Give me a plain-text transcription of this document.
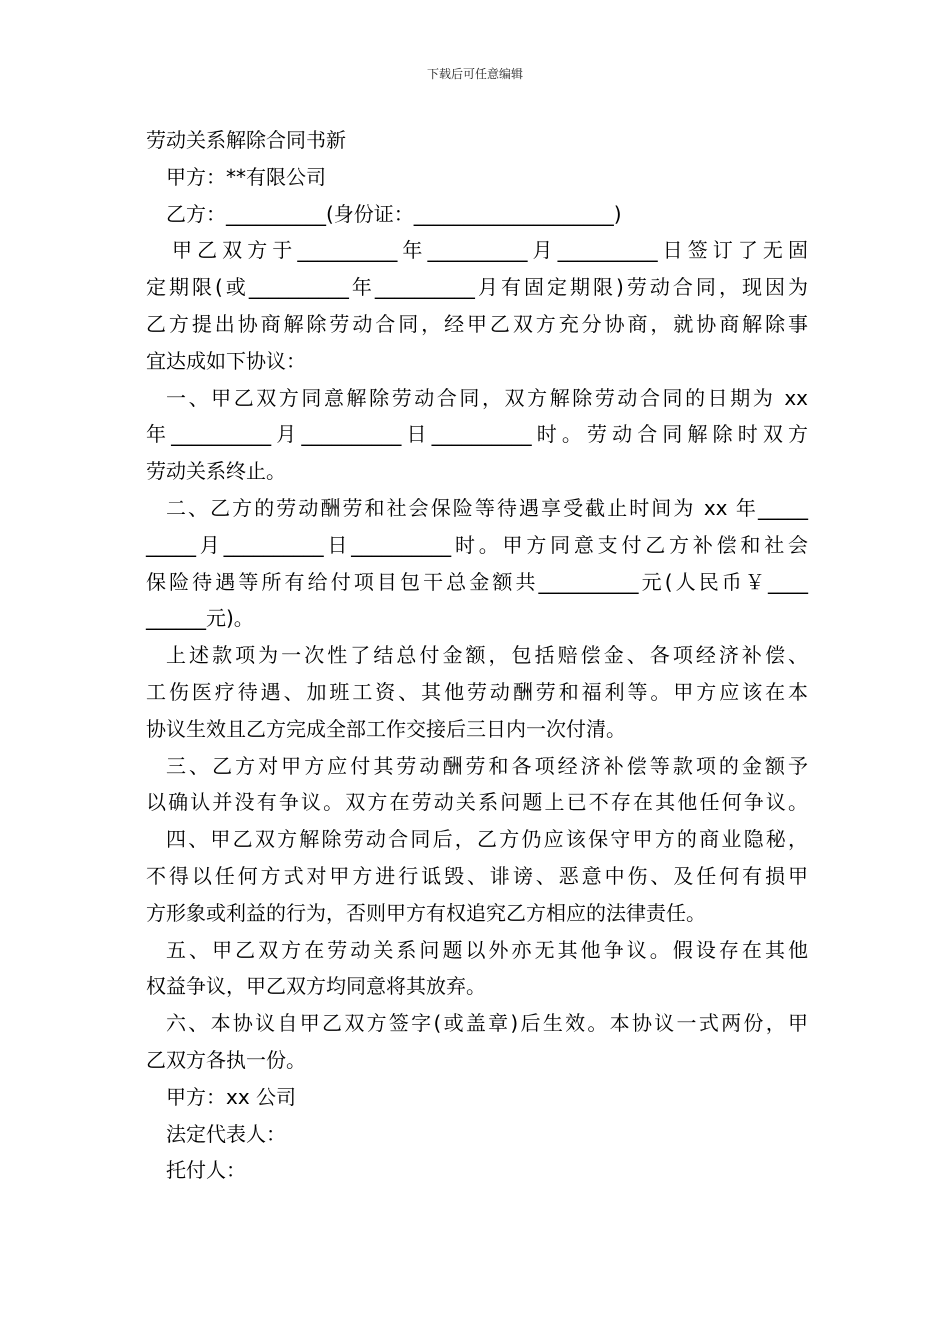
下载后可任意编辑
劳动关系解除合同书新
甲方：**有限公司
乙方：__________(身份证：____________________)
甲乙双方于__________年__________月__________日签订了无固
定期限(或__________年__________月有固定期限)劳动合同，现因为
乙方提出协商解除劳动合同，经甲乙双方充分协商，就协商解除事
宜达成如下协议：
一、甲乙双方同意解除劳动合同，双方解除劳动合同的日期为 xx
年__________月__________日__________时。劳动合同解除时双方
劳动关系终止。
二、乙方的劳动酬劳和社会保险等待遇享受截止时间为 xx 年_____
_____月__________日__________时。甲方同意支付乙方补偿和社会
保险待遇等所有给付项目包干总金额共__________元(人民币￥____
______元)。
上述款项为一次性了结总付金额，包括赔偿金、各项经济补偿、
工伤医疗待遇、加班工资、其他劳动酬劳和福利等。甲方应该在本
协议生效且乙方完成全部工作交接后三日内一次付清。
三、乙方对甲方应付其劳动酬劳和各项经济补偿等款项的金额予
以确认并没有争议。双方在劳动关系问题上已不存在其他任何争议。
四、甲乙双方解除劳动合同后，乙方仍应该保守甲方的商业隐秘，
不得以任何方式对甲方进行诋毁、诽谤、恶意中伤、及任何有损甲
方形象或利益的行为，否则甲方有权追究乙方相应的法律责任。
五、甲乙双方在劳动关系问题以外亦无其他争议。假设存在其他
权益争议，甲乙双方均同意将其放弃。
六、本协议自甲乙双方签字(或盖章)后生效。本协议一式两份，甲
乙双方各执一份。
甲方：xx 公司
法定代表人：
托付人：
